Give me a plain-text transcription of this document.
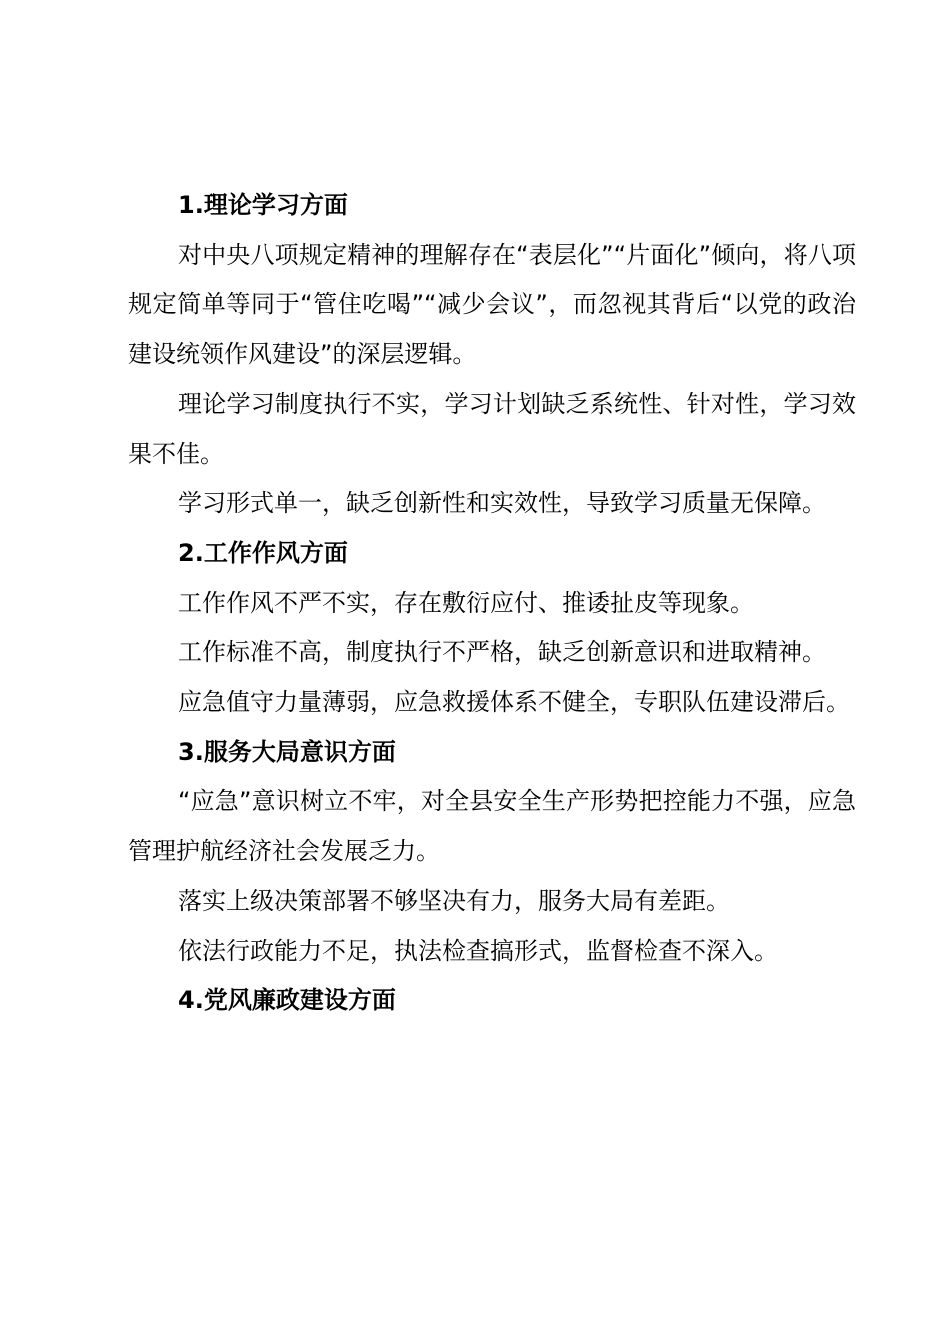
1.理论学习方面

对中央八项规定精神的理解存在“表层化”“片面化”倾向，将八项规定简单等同于“管住吃喝”“减少会议”，而忽视其背后“以党的政治建设统领作风建设”的深层逻辑。

理论学习制度执行不实，学习计划缺乏系统性、针对性，学习效果不佳。

学习形式单一，缺乏创新性和实效性，导致学习质量无保障。

2.工作作风方面

工作作风不严不实，存在敷衍应付、推诿扯皮等现象。

工作标准不高，制度执行不严格，缺乏创新意识和进取精神。

应急值守力量薄弱，应急救援体系不健全，专职队伍建设滞后。

3.服务大局意识方面

“应急”意识树立不牢，对全县安全生产形势把控能力不强，应急管理护航经济社会发展乏力。

落实上级决策部署不够坚决有力，服务大局有差距。

依法行政能力不足，执法检查搞形式，监督检查不深入。

4.党风廉政建设方面
